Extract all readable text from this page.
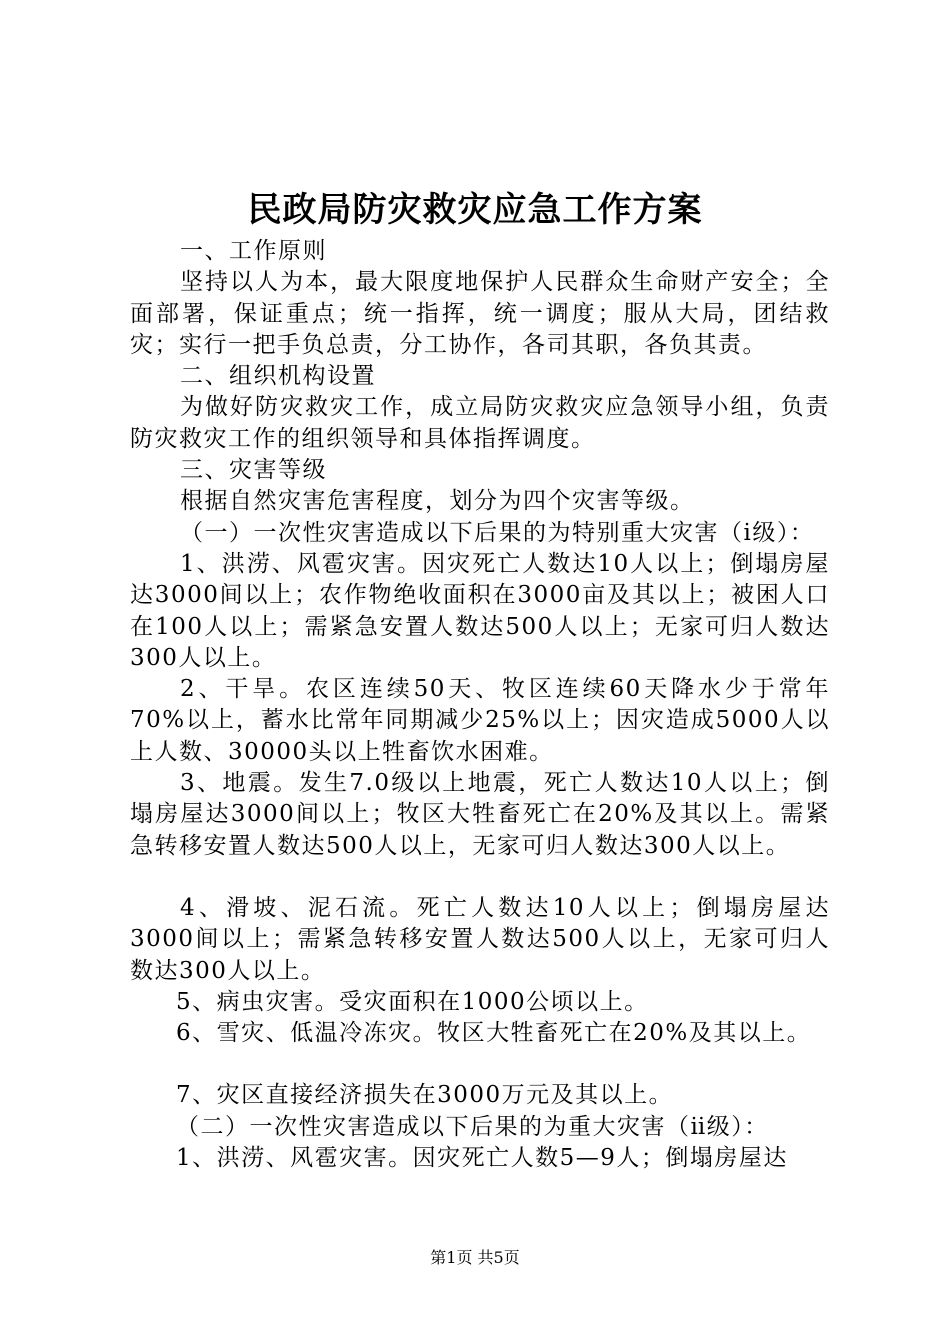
民政局防灾救灾应急工作方案

一、工作原则

坚持以人为本，最大限度地保护人民群众生命财产安全；全面部署，保证重点；统一指挥，统一调度；服从大局，团结救灾；实行一把手负总责，分工协作，各司其职，各负其责。

二、组织机构设置

为做好防灾救灾工作，成立局防灾救灾应急领导小组，负责防灾救灾工作的组织领导和具体指挥调度。

三、灾害等级

根据自然灾害危害程度，划分为四个灾害等级。

（一）一次性灾害造成以下后果的为特别重大灾害（ⅰ级）：

1、洪涝、风雹灾害。因灾死亡人数达10人以上；倒塌房屋达3000间以上；农作物绝收面积在3000亩及其以上；被困人口在100人以上；需紧急安置人数达500人以上；无家可归人数达300人以上。

2、干旱。农区连续50天、牧区连续60天降水少于常年70%以上，蓄水比常年同期减少25%以上；因灾造成5000人以上人数、30000头以上牲畜饮水困难。

3、地震。发生7.0级以上地震，死亡人数达10人以上；倒塌房屋达3000间以上；牧区大牲畜死亡在20%及其以上。需紧急转移安置人数达500人以上，无家可归人数达300人以上。

4、滑坡、泥石流。死亡人数达10人以上；倒塌房屋达3000间以上；需紧急转移安置人数达500人以上，无家可归人数达300人以上。

5、病虫灾害。受灾面积在1000公顷以上。

6、雪灾、低温冷冻灾。牧区大牲畜死亡在20%及其以上。

7、灾区直接经济损失在3000万元及其以上。

（二）一次性灾害造成以下后果的为重大灾害（ⅱ级）：

1、洪涝、风雹灾害。因灾死亡人数5—9人；倒塌房屋达

第1页 共5页
